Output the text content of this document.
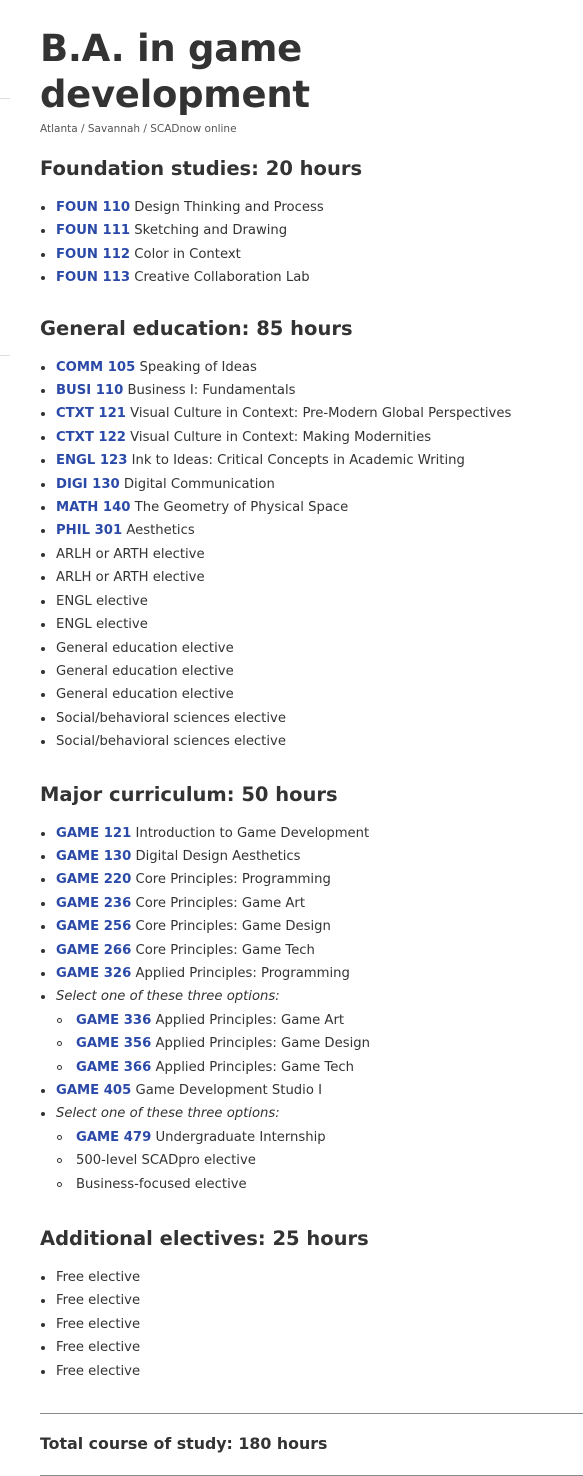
B.A. in game development
Atlanta / Savannah / SCADnow online
Foundation studies: 20 hours
FOUN 110 Design Thinking and Process
FOUN 111 Sketching and Drawing
FOUN 112 Color in Context
FOUN 113 Creative Collaboration Lab
General education: 85 hours
COMM 105 Speaking of Ideas
BUSI 110 Business I: Fundamentals
CTXT 121 Visual Culture in Context: Pre-Modern Global Perspectives
CTXT 122 Visual Culture in Context: Making Modernities
ENGL 123 Ink to Ideas: Critical Concepts in Academic Writing
DIGI 130 Digital Communication
MATH 140 The Geometry of Physical Space
PHIL 301 Aesthetics
ARLH or ARTH elective
ARLH or ARTH elective
ENGL elective
ENGL elective
General education elective
General education elective
General education elective
Social/behavioral sciences elective
Social/behavioral sciences elective
Major curriculum: 50 hours
GAME 121 Introduction to Game Development
GAME 130 Digital Design Aesthetics
GAME 220 Core Principles: Programming
GAME 236 Core Principles: Game Art
GAME 256 Core Principles: Game Design
GAME 266 Core Principles: Game Tech
GAME 326 Applied Principles: Programming
Select one of these three options:
GAME 336 Applied Principles: Game Art
GAME 356 Applied Principles: Game Design
GAME 366 Applied Principles: Game Tech
GAME 405 Game Development Studio I
Select one of these three options:
GAME 479 Undergraduate Internship
500-level SCADpro elective
Business-focused elective
Additional electives: 25 hours
Free elective
Free elective
Free elective
Free elective
Free elective
Total course of study: 180 hours
